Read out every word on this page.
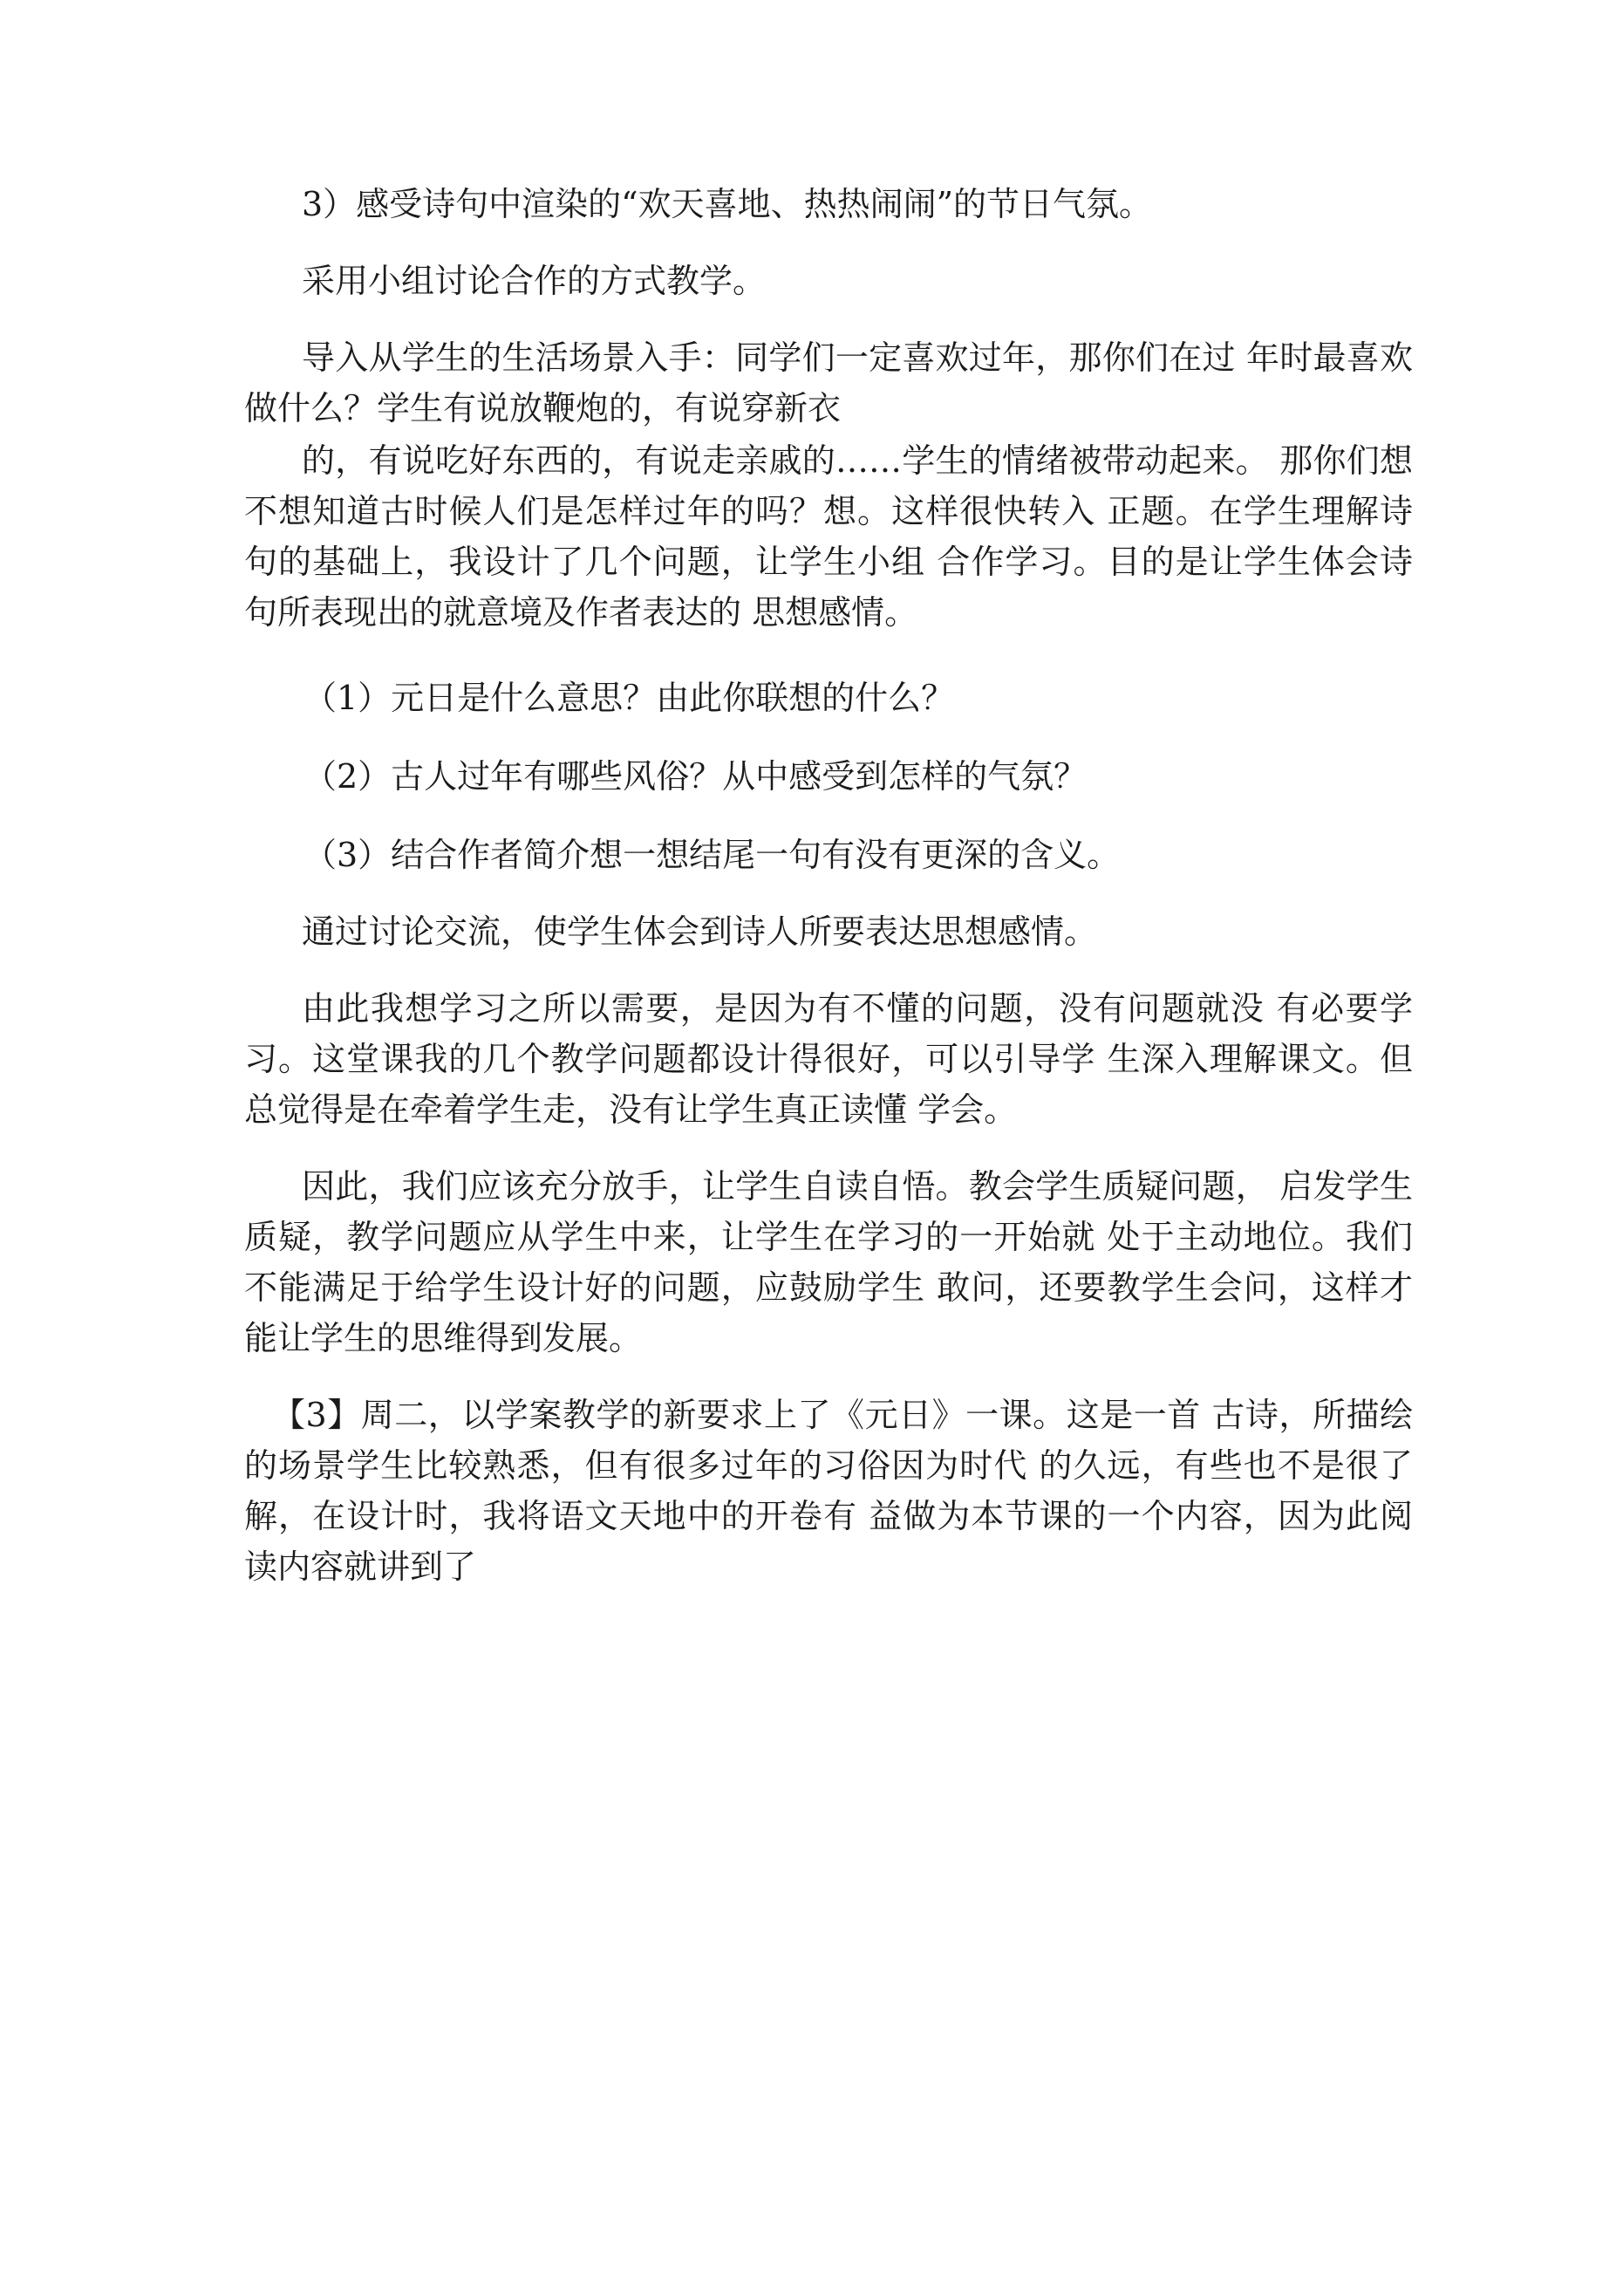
3）感受诗句中渲染的“欢天喜地、热热闹闹”的节日气氛。

采用小组讨论合作的方式教学。

导入从学生的生活场景入手：同学们一定喜欢过年，那你们在过 年时最喜欢做什么？学生有说放鞭炮的，有说穿新衣

的，有说吃好东西的，有说走亲戚的……学生的情绪被带动起来。 那你们想不想知道古时候人们是怎样过年的吗？想。这样很快转入 正题。在学生理解诗句的基础上，我设计了几个问题，让学生小组 合作学习。目的是让学生体会诗句所表现出的就意境及作者表达的 思想感情。

（1）元日是什么意思？由此你联想的什么？

（2）古人过年有哪些风俗？从中感受到怎样的气氛？

（3）结合作者简介想一想结尾一句有没有更深的含义。

通过讨论交流，使学生体会到诗人所要表达思想感情。

由此我想学习之所以需要，是因为有不懂的问题，没有问题就没 有必要学习。这堂课我的几个教学问题都设计得很好，可以引导学 生深入理解课文。但总觉得是在牵着学生走，没有让学生真正读懂 学会。

因此，我们应该充分放手，让学生自读自悟。教会学生质疑问题， 启发学生质疑，教学问题应从学生中来，让学生在学习的一开始就 处于主动地位。我们不能满足于给学生设计好的问题，应鼓励学生 敢问，还要教学生会问，这样才能让学生的思维得到发展。

【3】周二，以学案教学的新要求上了《元日》一课。这是一首 古诗，所描绘的场景学生比较熟悉，但有很多过年的习俗因为时代 的久远，有些也不是很了解，在设计时，我将语文天地中的开卷有 益做为本节课的一个内容，因为此阅读内容就讲到了
